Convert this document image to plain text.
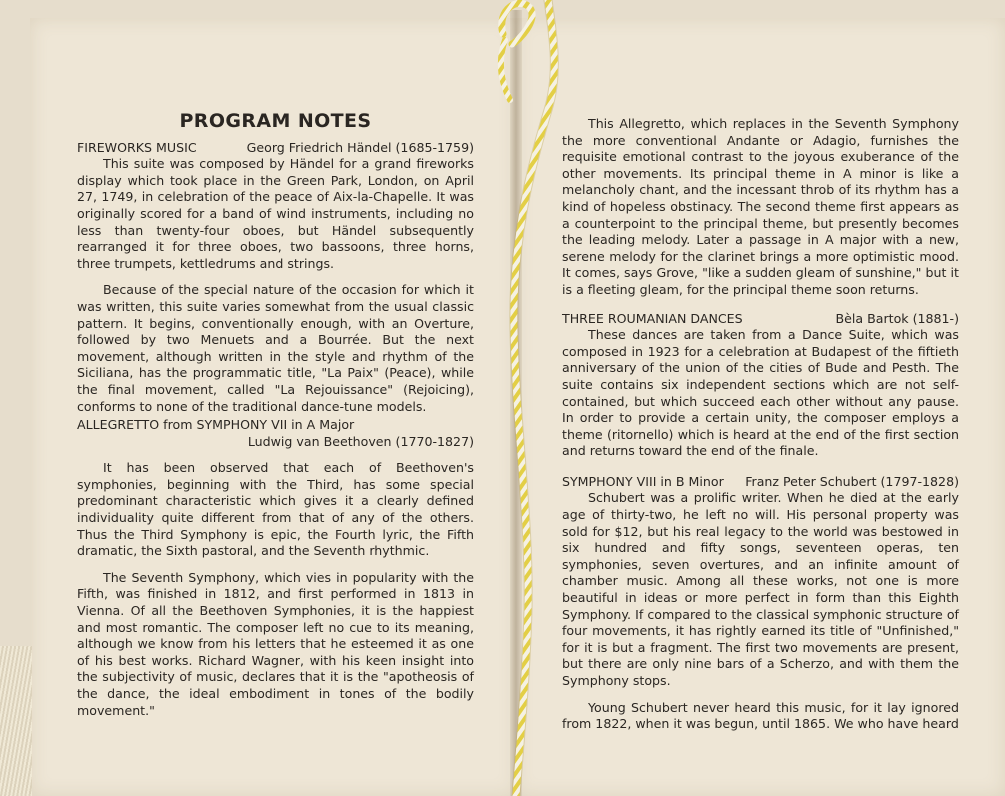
PROGRAM NOTES
FIREWORKS MUSIC	Georg Friedrich Händel (1685-1759)

This suite was composed by Händel for a grand fireworks display which took place in the Green Park, London, on April 27, 1749, in celebration of the peace of Aix-la-Chapelle. It was originally scored for a band of wind instruments, including no less than twenty-four oboes, but Händel subsequently rearranged it for three oboes, two bassoons, three horns, three trumpets, kettledrums and strings.

Because of the special nature of the occasion for which it was written, this suite varies somewhat from the usual classic pattern. It begins, conventionally enough, with an Overture, followed by two Menuets and a Bourrée. But the next movement, although written in the style and rhythm of the Siciliana, has the programmatic title, "La Paix" (Peace), while the final movement, called "La Rejouissance" (Rejoicing), conforms to none of the traditional dance-tune models.

ALLEGRETTO from SYMPHONY VII in A Major
Ludwig van Beethoven (1770-1827)

It has been observed that each of Beethoven's symphonies, beginning with the Third, has some special predominant characteristic which gives it a clearly defined individuality quite different from that of any of the others. Thus the Third Symphony is epic, the Fourth lyric, the Fifth dramatic, the Sixth pastoral, and the Seventh rhythmic.

The Seventh Symphony, which vies in popularity with the Fifth, was finished in 1812, and first performed in 1813 in Vienna. Of all the Beethoven Symphonies, it is the happiest and most romantic. The composer left no cue to its meaning, although we know from his letters that he esteemed it as one of his best works. Richard Wagner, with his keen insight into the subjectivity of music, declares that it is the "apotheosis of the dance, the ideal embodiment in tones of the bodily movement."

This Allegretto, which replaces in the Seventh Symphony the more conventional Andante or Adagio, furnishes the requisite emotional contrast to the joyous exuberance of the other movements. Its principal theme in A minor is like a melancholy chant, and the incessant throb of its rhythm has a kind of hopeless obstinacy. The second theme first appears as a counterpoint to the principal theme, but presently becomes the leading melody. Later a passage in A major with a new, serene melody for the clarinet brings a more optimistic mood. It comes, says Grove, "like a sudden gleam of sunshine," but it is a fleeting gleam, for the principal theme soon returns.

THREE ROUMANIAN DANCES	Bèla Bartok (1881-)

These dances are taken from a Dance Suite, which was composed in 1923 for a celebration at Budapest of the fiftieth anniversary of the union of the cities of Bude and Pesth. The suite contains six independent sections which are not self-contained, but which succeed each other without any pause. In order to provide a certain unity, the composer employs a theme (ritornello) which is heard at the end of the first section and returns toward the end of the finale.

SYMPHONY VIII in B Minor Franz Peter Schubert (1797-1828)

Schubert was a prolific writer. When he died at the early age of thirty-two, he left no will. His personal property was sold for $12, but his real legacy to the world was bestowed in six hundred and fifty songs, seventeen operas, ten symphonies, seven overtures, and an infinite amount of chamber music. Among all these works, not one is more beautiful in ideas or more perfect in form than this Eighth Symphony. If compared to the classical symphonic structure of four movements, it has rightly earned its title of "Unfinished," for it is but a fragment. The first two movements are present, but there are only nine bars of a Scherzo, and with them the Symphony stops.

Young Schubert never heard this music, for it lay ignored from 1822, when it was begun, until 1865. We who have heard
